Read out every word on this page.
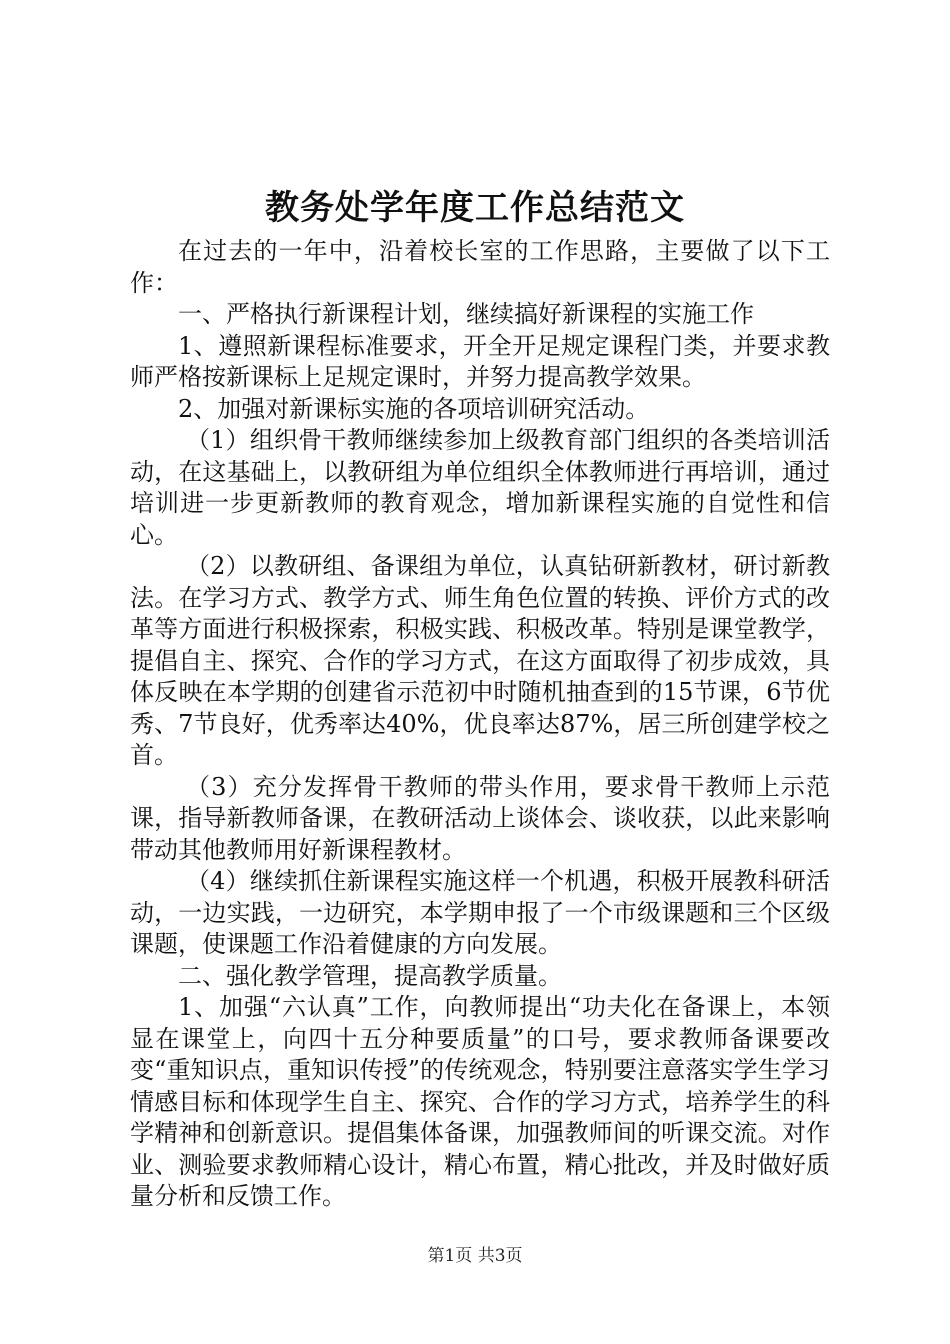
教务处学年度工作总结范文

在过去的一年中，沿着校长室的工作思路，主要做了以下工作：

一、严格执行新课程计划，继续搞好新课程的实施工作

1、遵照新课程标准要求，开全开足规定课程门类，并要求教师严格按新课标上足规定课时，并努力提高教学效果。

2、加强对新课标实施的各项培训研究活动。

（1）组织骨干教师继续参加上级教育部门组织的各类培训活动，在这基础上，以教研组为单位组织全体教师进行再培训，通过培训进一步更新教师的教育观念，增加新课程实施的自觉性和信心。

（2）以教研组、备课组为单位，认真钻研新教材，研讨新教法。在学习方式、教学方式、师生角色位置的转换、评价方式的改革等方面进行积极探索，积极实践、积极改革。特别是课堂教学，提倡自主、探究、合作的学习方式，在这方面取得了初步成效，具体反映在本学期的创建省示范初中时随机抽查到的15节课，6节优秀、7节良好，优秀率达40%，优良率达87%，居三所创建学校之首。

（3）充分发挥骨干教师的带头作用，要求骨干教师上示范课，指导新教师备课，在教研活动上谈体会、谈收获，以此来影响带动其他教师用好新课程教材。

（4）继续抓住新课程实施这样一个机遇，积极开展教科研活动，一边实践，一边研究，本学期申报了一个市级课题和三个区级课题，使课题工作沿着健康的方向发展。

二、强化教学管理，提高教学质量。

1、加强“六认真”工作，向教师提出“功夫化在备课上，本领显在课堂上，向四十五分种要质量”的口号，要求教师备课要改变“重知识点，重知识传授”的传统观念，特别要注意落实学生学习情感目标和体现学生自主、探究、合作的学习方式，培养学生的科学精神和创新意识。提倡集体备课，加强教师间的听课交流。对作业、测验要求教师精心设计，精心布置，精心批改，并及时做好质量分析和反馈工作。

第1页 共3页
